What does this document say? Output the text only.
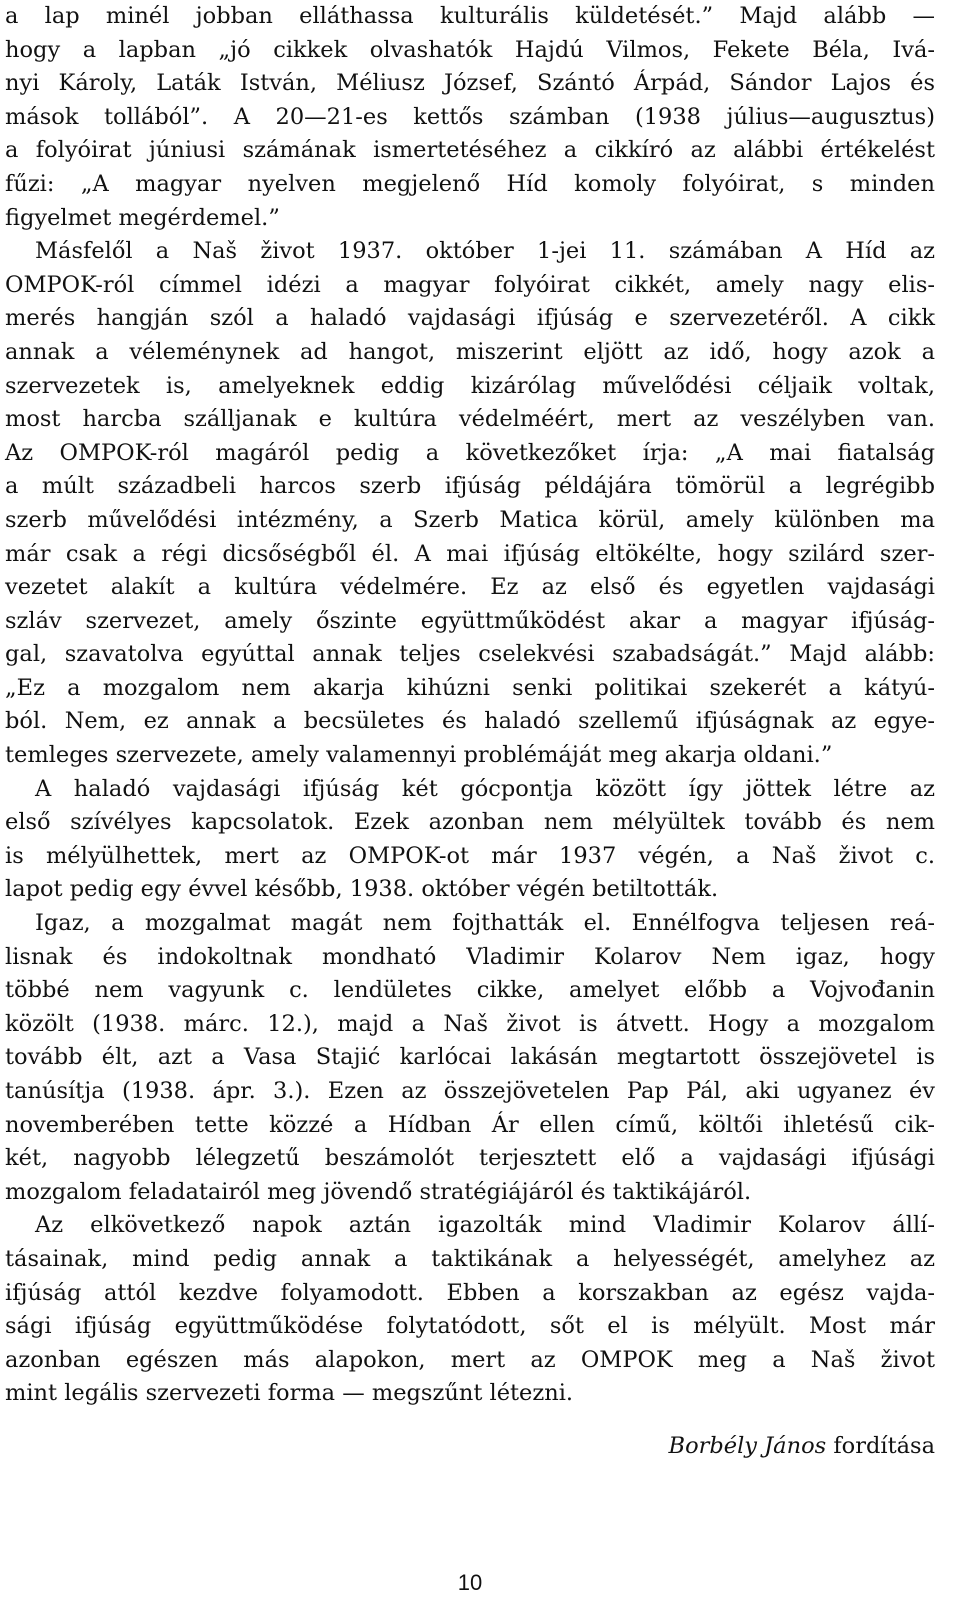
a lap minél jobban elláthassa kulturális küldetését.” Majd alább —
hogy a lapban „jó cikkek olvashatók Hajdú Vilmos, Fekete Béla, Ivá-
nyi Károly, Laták István, Méliusz József, Szántó Árpád, Sándor Lajos és
mások tollából”. A 20—21-es kettős számban (1938 július—augusztus)
a folyóirat júniusi számának ismertetéséhez a cikkíró az alábbi értékelést
fűzi: „A magyar nyelven megjelenő Híd komoly folyóirat, s minden
figyelmet megérdemel.”
Másfelől a Naš život 1937. október 1-jei 11. számában A Híd az
OMPOK-ról címmel idézi a magyar folyóirat cikkét, amely nagy elis-
merés hangján szól a haladó vajdasági ifjúság e szervezetéről. A cikk
annak a véleménynek ad hangot, miszerint eljött az idő, hogy azok a
szervezetek is, amelyeknek eddig kizárólag művelődési céljaik voltak,
most harcba szálljanak e kultúra védelméért, mert az veszélyben van.
Az OMPOK-ról magáról pedig a következőket írja: „A mai fiatalság
a múlt századbeli harcos szerb ifjúság példájára tömörül a legrégibb
szerb művelődési intézmény, a Szerb Matica körül, amely különben ma
már csak a régi dicsőségből él. A mai ifjúság eltökélte, hogy szilárd szer-
vezetet alakít a kultúra védelmére. Ez az első és egyetlen vajdasági
szláv szervezet, amely őszinte együttműködést akar a magyar ifjúság-
gal, szavatolva egyúttal annak teljes cselekvési szabadságát.” Majd alább:
„Ez a mozgalom nem akarja kihúzni senki politikai szekerét a kátyú-
ból. Nem, ez annak a becsületes és haladó szellemű ifjúságnak az egye-
temleges szervezete, amely valamennyi problémáját meg akarja oldani.”
A haladó vajdasági ifjúság két gócpontja között így jöttek létre az
első szívélyes kapcsolatok. Ezek azonban nem mélyültek tovább és nem
is mélyülhettek, mert az OMPOK-ot már 1937 végén, a Naš život c.
lapot pedig egy évvel később, 1938. október végén betiltották.
Igaz, a mozgalmat magát nem fojthatták el. Ennélfogva teljesen reá-
lisnak és indokoltnak mondható Vladimir Kolarov Nem igaz, hogy
többé nem vagyunk c. lendületes cikke, amelyet előbb a Vojvođanin
közölt (1938. márc. 12.), majd a Naš život is átvett. Hogy a mozgalom
tovább élt, azt a Vasa Stajić karlócai lakásán megtartott összejövetel is
tanúsítja (1938. ápr. 3.). Ezen az összejövetelen Pap Pál, aki ugyanez év
novemberében tette közzé a Hídban Ár ellen című, költői ihletésű cik-
két, nagyobb lélegzetű beszámolót terjesztett elő a vajdasági ifjúsági
mozgalom feladatairól meg jövendő stratégiájáról és taktikájáról.
Az elkövetkező napok aztán igazolták mind Vladimir Kolarov állí-
tásainak, mind pedig annak a taktikának a helyességét, amelyhez az
ifjúság attól kezdve folyamodott. Ebben a korszakban az egész vajda-
sági ifjúság együttműködése folytatódott, sőt el is mélyült. Most már
azonban egészen más alapokon, mert az OMPOK meg a Naš život
mint legális szervezeti forma — megszűnt létezni.
Borbély János fordítása
10
